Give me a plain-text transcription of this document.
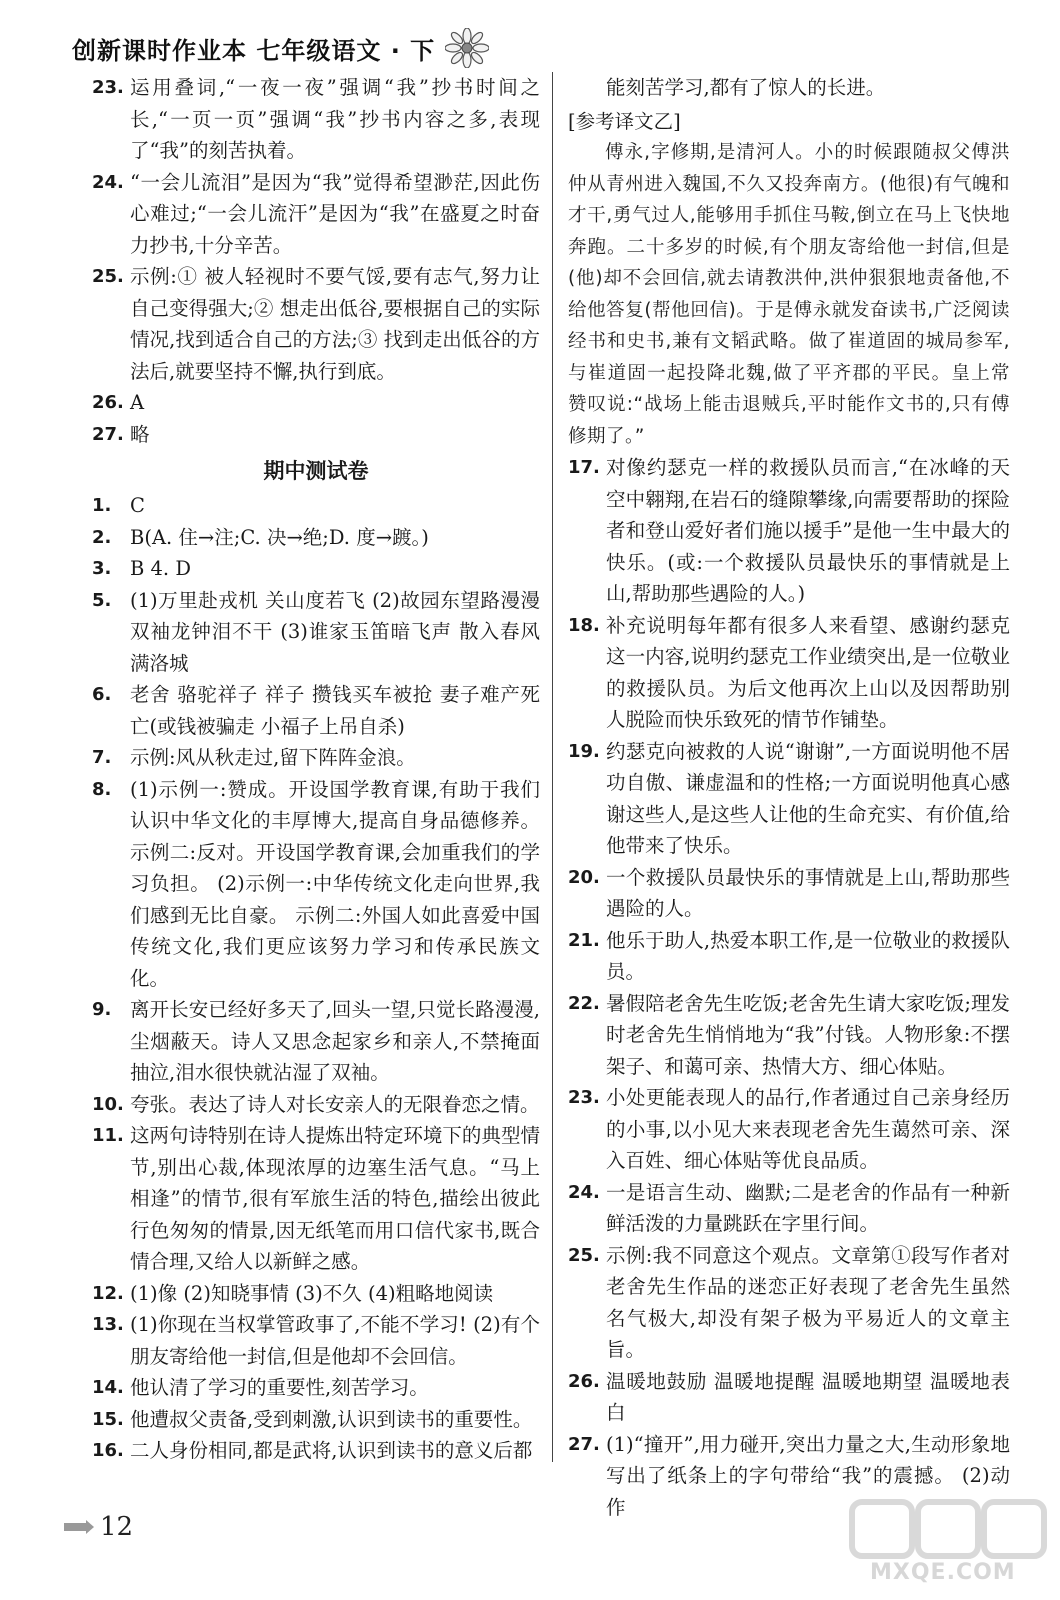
创新课时作业本 七年级语文 · 下
23. 运用叠词,“一夜一夜”强调“我”抄书时间之长,“一页一页”强调“我”抄书内容之多,表现了“我”的刻苦执着。
24. “一会儿流泪”是因为“我”觉得希望渺茫,因此伤心难过;“一会儿流汗”是因为“我”在盛夏之时奋力抄书,十分辛苦。
25. 示例:① 被人轻视时不要气馁,要有志气,努力让自己变得强大;② 想走出低谷,要根据自己的实际情况,找到适合自己的方法;③ 找到走出低谷的方法后,就要坚持不懈,执行到底。
26. A
27. 略
期中测试卷
1. C
2. B(A. 住→注;C. 决→绝;D. 度→踱。)
3. B 4. D
5. (1)万里赴戎机 关山度若飞 (2)故园东望路漫漫 双袖龙钟泪不干 (3)谁家玉笛暗飞声 散入春风满洛城
6. 老舍 骆驼祥子 祥子 攒钱买车被抢 妻子难产死亡(或钱被骗走 小福子上吊自杀)
7. 示例:风从秋走过,留下阵阵金浪。
8. (1)示例一:赞成。开设国学教育课,有助于我们认识中华文化的丰厚博大,提高自身品德修养。 示例二:反对。开设国学教育课,会加重我们的学习负担。 (2)示例一:中华传统文化走向世界,我们感到无比自豪。 示例二:外国人如此喜爱中国传统文化,我们更应该努力学习和传承民族文化。
9. 离开长安已经好多天了,回头一望,只觉长路漫漫,尘烟蔽天。诗人又思念起家乡和亲人,不禁掩面抽泣,泪水很快就沾湿了双袖。
10. 夸张。表达了诗人对长安亲人的无限眷恋之情。
11. 这两句诗特别在诗人提炼出特定环境下的典型情节,别出心裁,体现浓厚的边塞生活气息。“马上相逢”的情节,很有军旅生活的特色,描绘出彼此行色匆匆的情景,因无纸笔而用口信代家书,既合情合理,又给人以新鲜之感。
12. (1)像 (2)知晓事情 (3)不久 (4)粗略地阅读
13. (1)你现在当权掌管政事了,不能不学习! (2)有个朋友寄给他一封信,但是他却不会回信。
14. 他认清了学习的重要性,刻苦学习。
15. 他遭叔父责备,受到刺激,认识到读书的重要性。
16. 二人身份相同,都是武将,认识到读书的意义后都
能刻苦学习,都有了惊人的长进。
[参考译文乙]
傅永,字修期,是清河人。小的时候跟随叔父傅洪仲从青州进入魏国,不久又投奔南方。(他很)有气魄和才干,勇气过人,能够用手抓住马鞍,倒立在马上飞快地奔跑。二十多岁的时候,有个朋友寄给他一封信,但是(他)却不会回信,就去请教洪仲,洪仲狠狠地责备他,不给他答复(帮他回信)。于是傅永就发奋读书,广泛阅读经书和史书,兼有文韬武略。做了崔道固的城局参军,与崔道固一起投降北魏,做了平齐郡的平民。皇上常赞叹说:“战场上能击退贼兵,平时能作文书的,只有傅修期了。”
17. 对像约瑟克一样的救援队员而言,“在冰峰的天空中翱翔,在岩石的缝隙攀缘,向需要帮助的探险者和登山爱好者们施以援手”是他一生中最大的快乐。(或:一个救援队员最快乐的事情就是上山,帮助那些遇险的人。)
18. 补充说明每年都有很多人来看望、感谢约瑟克这一内容,说明约瑟克工作业绩突出,是一位敬业的救援队员。为后文他再次上山以及因帮助别人脱险而快乐致死的情节作铺垫。
19. 约瑟克向被救的人说“谢谢”,一方面说明他不居功自傲、谦虚温和的性格;一方面说明他真心感谢这些人,是这些人让他的生命充实、有价值,给他带来了快乐。
20. 一个救援队员最快乐的事情就是上山,帮助那些遇险的人。
21. 他乐于助人,热爱本职工作,是一位敬业的救援队员。
22. 暑假陪老舍先生吃饭;老舍先生请大家吃饭;理发时老舍先生悄悄地为“我”付钱。人物形象:不摆架子、和蔼可亲、热情大方、细心体贴。
23. 小处更能表现人的品行,作者通过自己亲身经历的小事,以小见大来表现老舍先生蔼然可亲、深入百姓、细心体贴等优良品质。
24. 一是语言生动、幽默;二是老舍的作品有一种新鲜活泼的力量跳跃在字里行间。
25. 示例:我不同意这个观点。文章第①段写作者对老舍先生作品的迷恋正好表现了老舍先生虽然名气极大,却没有架子极为平易近人的文章主旨。
26. 温暖地鼓励 温暖地提醒 温暖地期望 温暖地表白
27. (1)“撞开”,用力碰开,突出力量之大,生动形象地写出了纸条上的字句带给“我”的震撼。 (2)动作
12
MXQE.COM
